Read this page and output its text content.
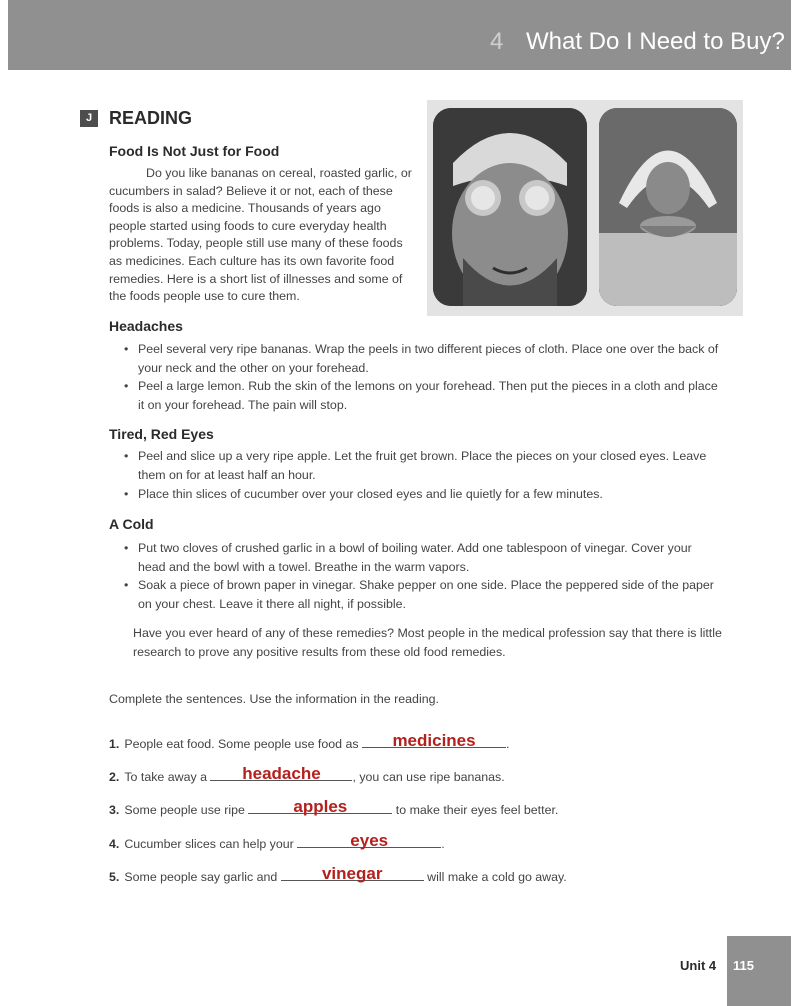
4 What Do I Need to Buy?
J READING
Food Is Not Just for Food

Do you like bananas on cereal, roasted garlic, or cucumbers in salad? Believe it or not, each of these foods is also a medicine. Thousands of years ago people started using foods to cure everyday health problems. Today, people still use many of these foods as medicines. Each culture has its own favorite food remedies. Here is a short list of illnesses and some of the foods people use to cure them.

Headaches
• Peel several very ripe bananas. Wrap the peels in two different pieces of cloth. Place one over the back of your neck and the other on your forehead.
• Peel a large lemon. Rub the skin of the lemons on your forehead. Then put the pieces in a cloth and place it on your forehead. The pain will stop.
Tired, Red Eyes
• Peel and slice up a very ripe apple. Let the fruit get brown. Place the pieces on your closed eyes. Leave them on for at least half an hour.
• Place thin slices of cucumber over your closed eyes and lie quietly for a few minutes.
A Cold
• Put two cloves of crushed garlic in a bowl of boiling water. Add one tablespoon of vinegar. Cover your head and the bowl with a towel. Breathe in the warm vapors.
• Soak a piece of brown paper in vinegar. Shake pepper on one side. Place the peppered side of the paper on your chest. Leave it there all night, if possible.

Have you ever heard of any of these remedies? Most people in the medical profession say that there is little research to prove any positive results from these old food remedies.

Complete the sentences. Use the information in the reading.
1. People eat food. Some people use food as	medicines	.
2. To take away a	headache	, you can use ripe bananas.
3. Some people use ripe	apples	to make their eyes feel better.
4. Cucumber slices can help your	eyes	.
5. Some people say garlic and	vinegar	will make a cold go away.
Unit 4 115
